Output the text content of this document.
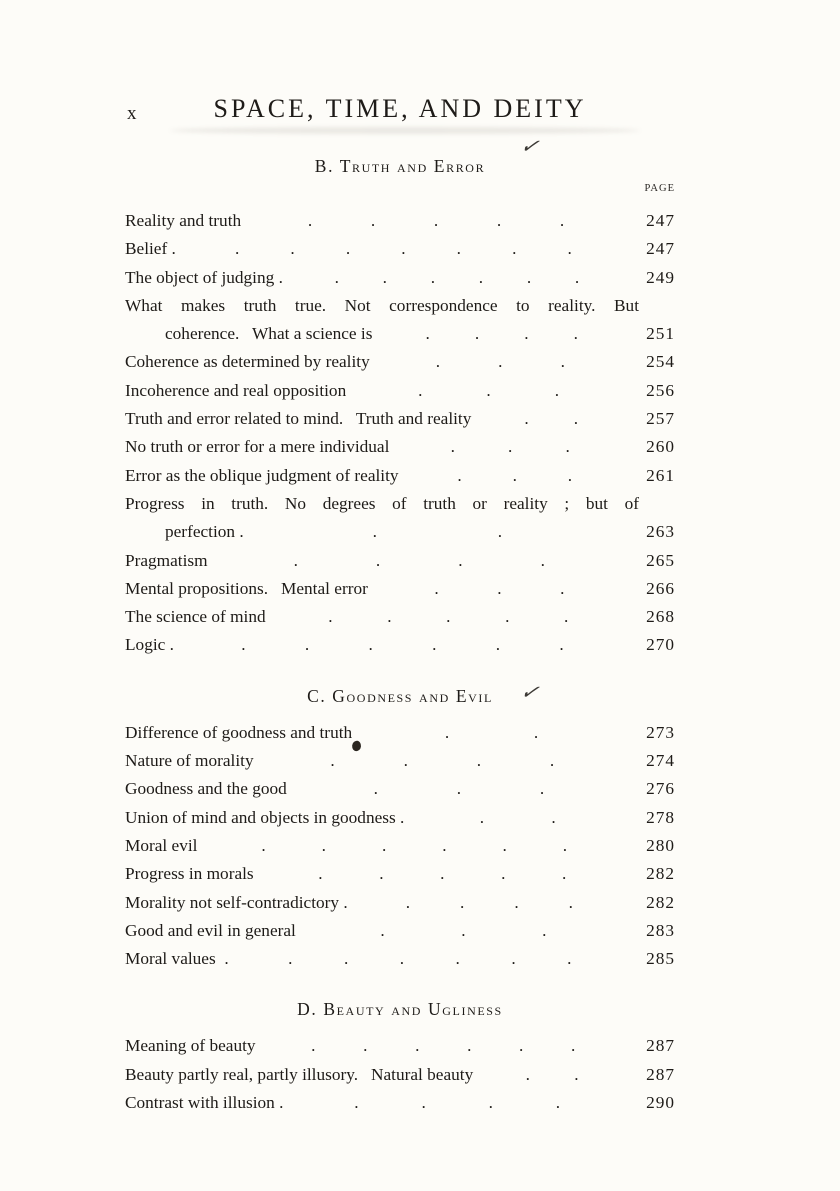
x	SPACE, TIME, AND DEITY
B. Truth and Error
✓
PAGE
Reality and truth	.	.	.	.	.	247
Belief .	.	.	.	.	.	.	.	247
The object of judging .	.	.	.	.	.	.	249
What makes truth true. Not correspondence to reality. But
coherence.   What a science is	.	.	.	.	251
Coherence as determined by reality	.	.	.	254
Incoherence and real opposition	.	.	.	256
Truth and error related to mind.   Truth and reality	.	.	257
No truth or error for a mere individual	.	.	.	260
Error as the oblique judgment of reality	.	.	.	261
Progress in truth. No degrees of truth or reality ; but of
perfection .	.	.	263
Pragmatism	.	.	.	.	265
Mental propositions.   Mental error	.	.	.	266
The science of mind	.	.	.	.	.	268
Logic .	.	.	.	.	.	.	270
C. Goodness and Evil ✓
Difference of goodness and truth	.	.	273
Nature of morality	.	.	.	.	274
Goodness and the good	.	.	.	276
Union of mind and objects in goodness .	.	.	278
Moral evil	.	.	.	.	.	.	280
Progress in morals	.	.	.	.	.	282
Morality not self-contradictory .	.	.	.	.	282
Good and evil in general	.	.	.	283
Moral values  .	.	.	.	.	.	.	285
D. Beauty and Ugliness
Meaning of beauty	.	.	.	.	.	.	287
Beauty partly real, partly illusory.   Natural beauty	.	.	287
Contrast with illusion .	.	.	.	.	290
